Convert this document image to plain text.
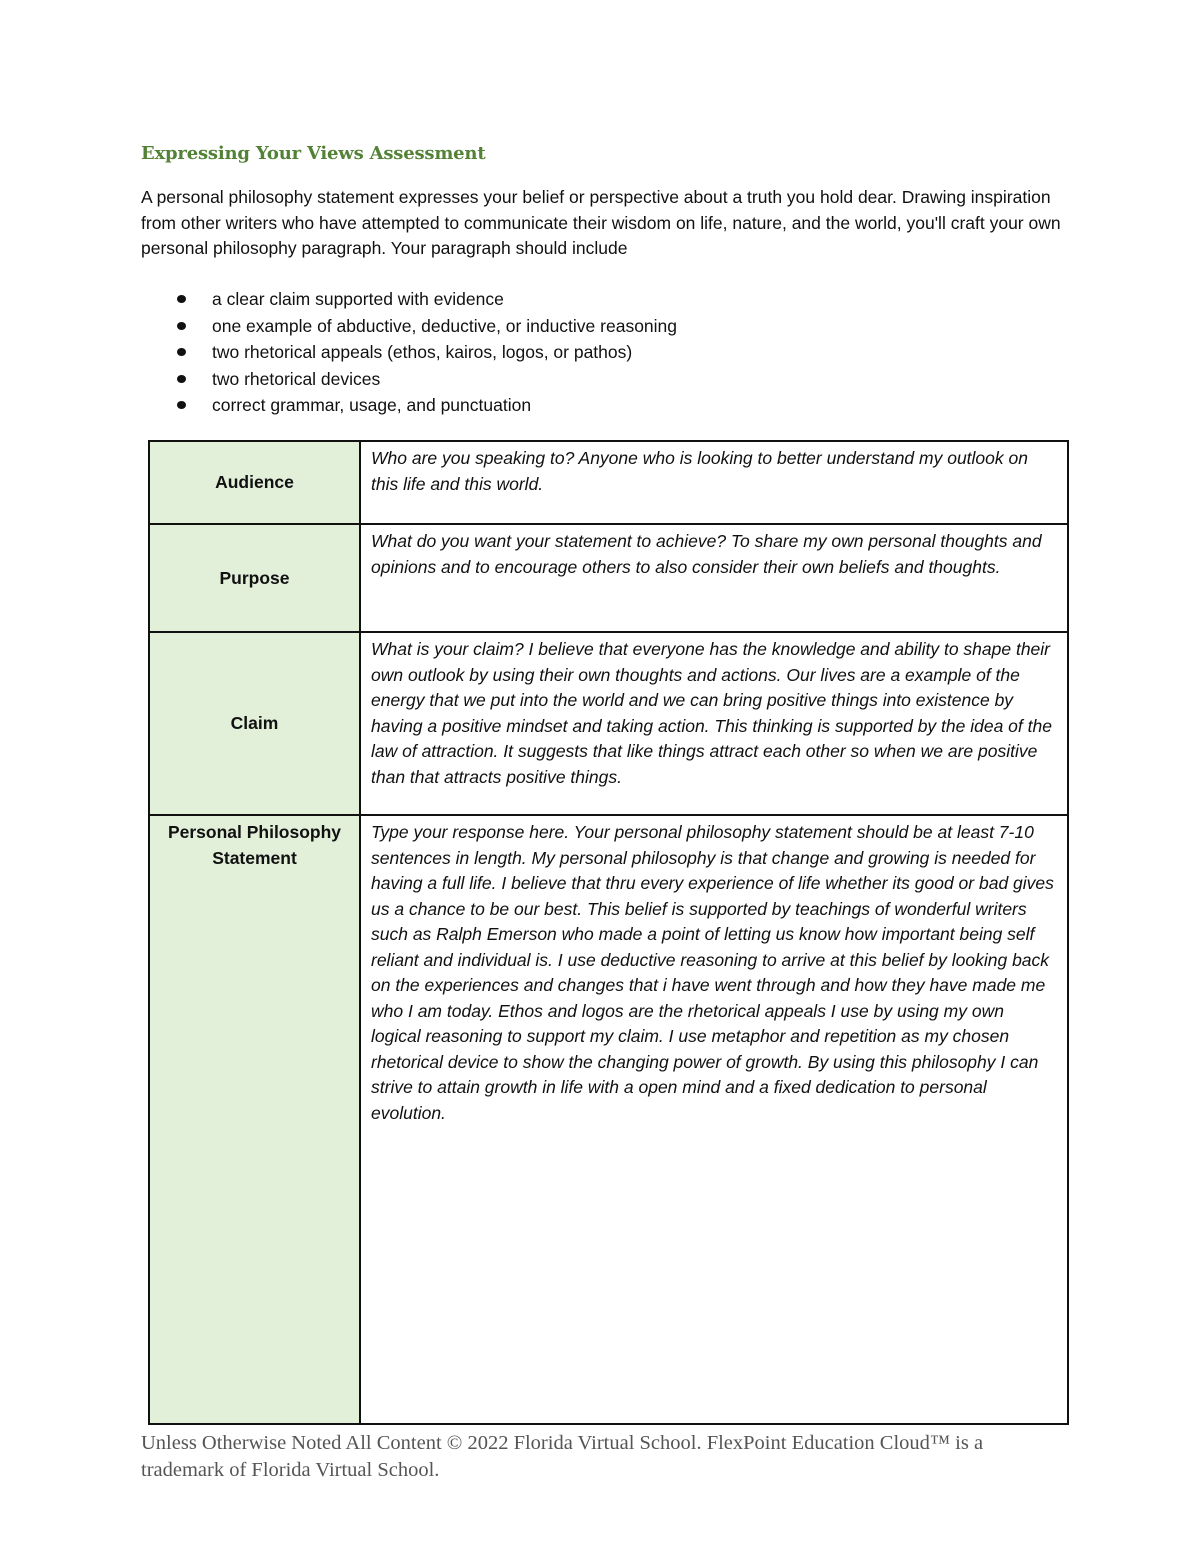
Expressing Your Views Assessment

A personal philosophy statement expresses your belief or perspective about a truth you hold dear. Drawing inspiration from other writers who have attempted to communicate their wisdom on life, nature, and the world, you'll craft your own personal philosophy paragraph. Your paragraph should include

a clear claim supported with evidence
one example of abductive, deductive, or inductive reasoning
two rhetorical appeals (ethos, kairos, logos, or pathos)
two rhetorical devices
correct grammar, usage, and punctuation
Audience	Who are you speaking to? Anyone who is looking to better understand my outlook on this life and this world.
Purpose	What do you want your statement to achieve? To share my own personal thoughts and opinions and to encourage others to also consider their own beliefs and thoughts.
Claim	What is your claim? I believe that everyone has the knowledge and ability to shape their own outlook by using their own thoughts and actions. Our lives are a example of the energy that we put into the world and we can bring positive things into existence by having a positive mindset and taking action. This thinking is supported by the idea of the law of attraction. It suggests that like things attract each other so when we are positive than that attracts positive things.
Personal Philosophy Statement	Type your response here. Your personal philosophy statement should be at least 7-10 sentences in length. My personal philosophy is that change and growing is needed for having a full life. I believe that thru every experience of life whether its good or bad gives us a chance to be our best. This belief is supported by teachings of wonderful writers such as Ralph Emerson who made a point of letting us know how important being self reliant and individual is. I use deductive reasoning to arrive at this belief by looking back on the experiences and changes that i have went through and how they have made me who I am today. Ethos and logos are the rhetorical appeals I use by using my own logical reasoning to support my claim. I use metaphor and repetition as my chosen rhetorical device to show the changing power of growth. By using this philosophy I can strive to attain growth in life with a open mind and a fixed dedication to personal evolution.
Unless Otherwise Noted All Content © 2022 Florida Virtual School. FlexPoint Education Cloud™ is a trademark of Florida Virtual School.
